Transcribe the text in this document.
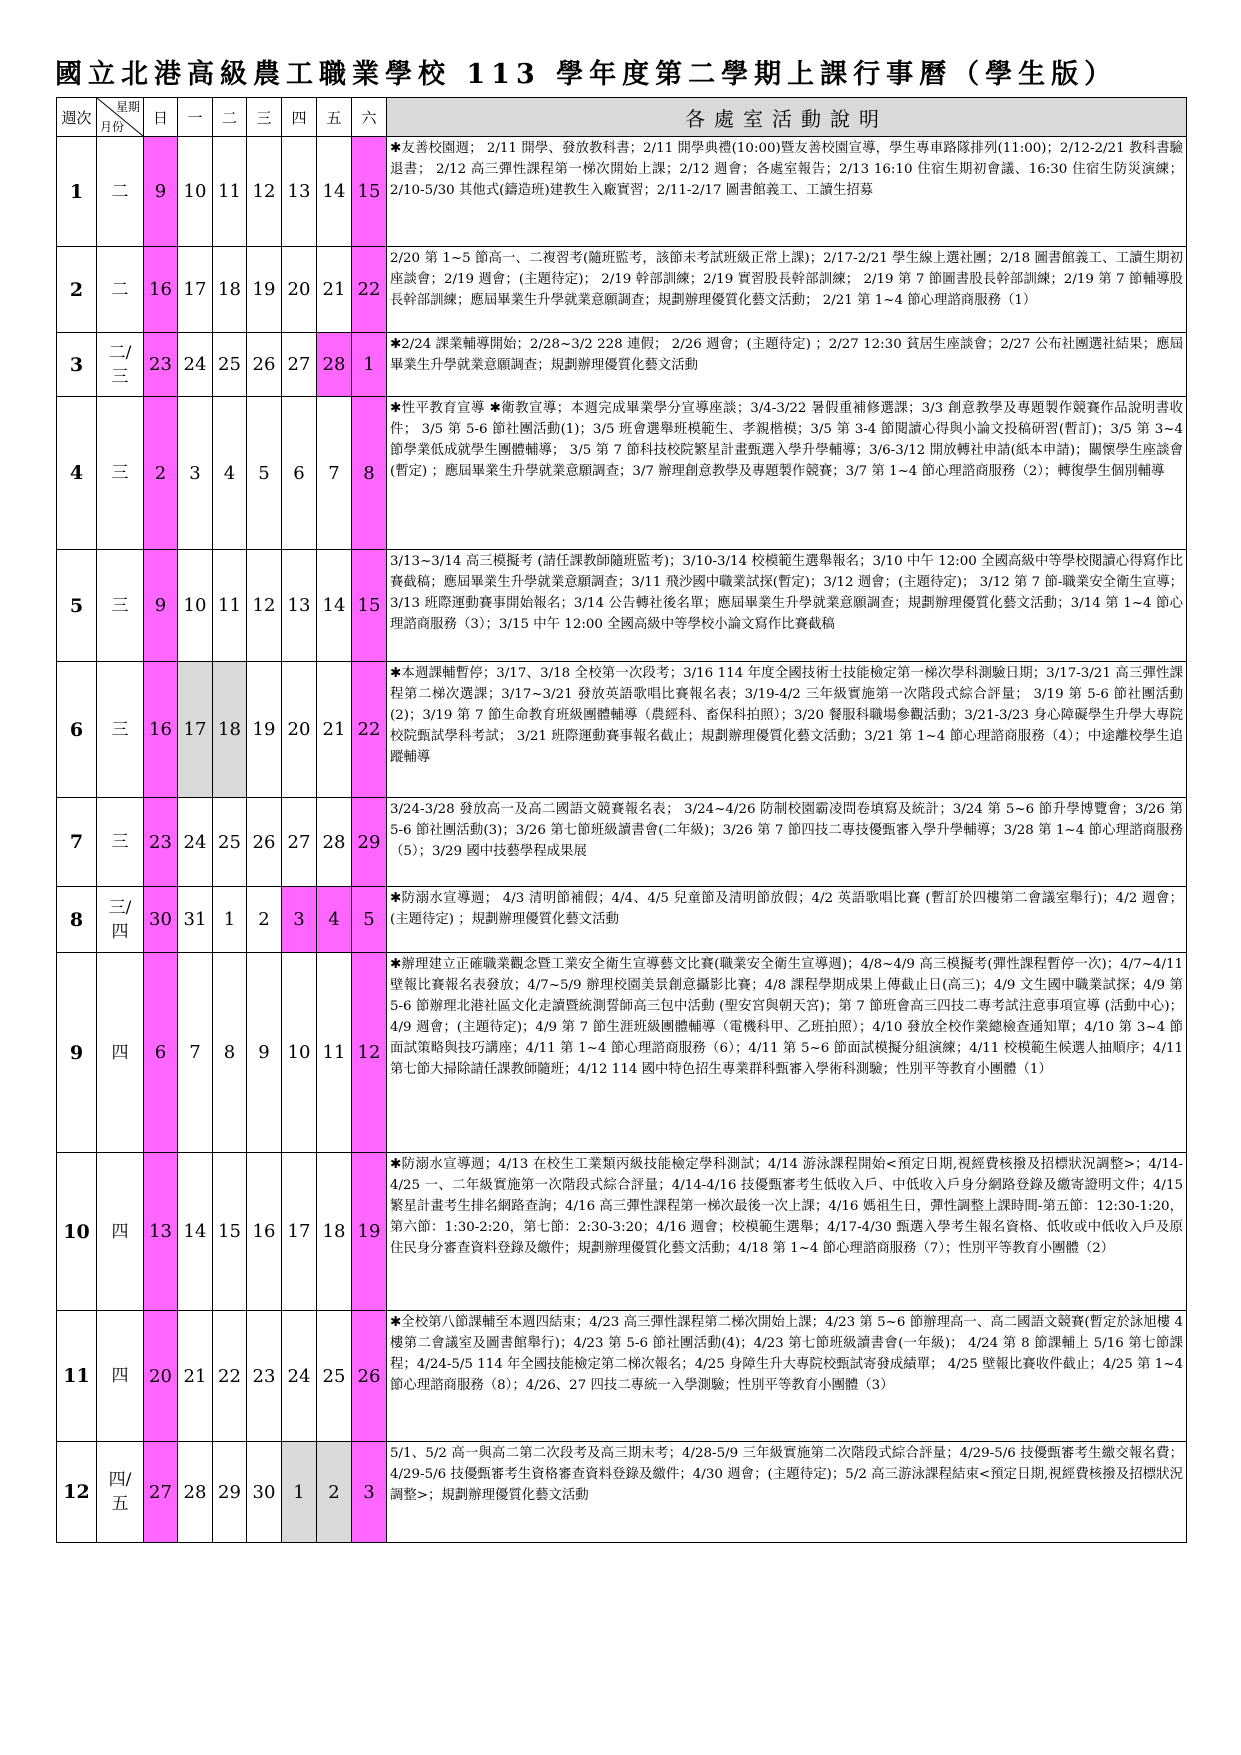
國立北港高級農工職業學校 113 學年度第二學期上課行事曆（學生版）
週次	星期
月份	日	一	二	三	四	五	六	各處室活動說明
1	二	9	10	11	12	13	14	15	✱友善校園週； 2/11 開學、發放教科書；2/11 開學典禮(10:00)暨友善校園宣導，學生專車路隊排列(11:00)；2/12-2/21 教科書驗退書； 2/12 高三彈性課程第一梯次開始上課；2/12 週會；各處室報告；2/13 16:10 住宿生期初會議、16:30 住宿生防災演練；2/10-5/30 其他式(鑄造班)建教生入廠實習；2/11-2/17 圖書館義工、工讀生招募
2	二	16	17	18	19	20	21	22	2/20 第 1~5 節高一、二複習考(隨班監考，該節未考試班級正常上課)；2/17-2/21 學生線上選社團；2/18 圖書館義工、工讀生期初座談會；2/19 週會；(主題待定)； 2/19 幹部訓練；2/19 實習股長幹部訓練； 2/19 第 7 節圖書股長幹部訓練；2/19 第 7 節輔導股長幹部訓練；應屆畢業生升學就業意願調查；規劃辦理優質化藝文活動； 2/21 第 1~4 節心理諮商服務（1）
3	二/
三	23	24	25	26	27	28	1	✱2/24 課業輔導開始；2/28~3/2 228 連假； 2/26 週會；(主題待定) ；2/27 12:30 貧居生座談會；2/27 公布社團選社結果；應屆畢業生升學就業意願調查；規劃辦理優質化藝文活動
4	三	2	3	4	5	6	7	8	✱性平教育宣導 ✱衛教宣導；本週完成畢業學分宣導座談；3/4-3/22 暑假重補修選課；3/3 創意教學及專題製作競賽作品說明書收件； 3/5 第 5-6 節社團活動(1)；3/5 班會選舉班模範生、孝親楷模；3/5 第 3-4 節閱讀心得與小論文投稿研習(暫訂)；3/5 第 3~4 節學業低成就學生團體輔導； 3/5 第 7 節科技校院繁星計畫甄選入學升學輔導；3/6-3/12 開放轉社申請(紙本申請)；關懷學生座談會(暫定) ；應屆畢業生升學就業意願調查；3/7 辦理創意教學及專題製作競賽；3/7 第 1~4 節心理諮商服務（2）；轉復學生個別輔導
5	三	9	10	11	12	13	14	15	3/13~3/14 高三模擬考 (請任課教師隨班監考)；3/10-3/14 校模範生選舉報名；3/10 中午 12:00 全國高級中等學校閱讀心得寫作比賽截稿；應屆畢業生升學就業意願調查；3/11 飛沙國中職業試探(暫定)；3/12 週會；(主題待定)； 3/12 第 7 節-職業安全衛生宣導；3/13 班際運動賽事開始報名；3/14 公告轉社後名單；應屆畢業生升學就業意願調查；規劃辦理優質化藝文活動；3/14 第 1~4 節心理諮商服務（3）；3/15 中午 12:00 全國高級中等學校小論文寫作比賽截稿
6	三	16	17	18	19	20	21	22	✱本週課輔暫停；3/17、3/18 全校第一次段考；3/16 114 年度全國技術士技能檢定第一梯次學科測驗日期；3/17-3/21 高三彈性課程第二梯次選課；3/17~3/21 發放英語歌唱比賽報名表；3/19-4/2 三年級實施第一次階段式綜合評量； 3/19 第 5-6 節社團活動(2)；3/19 第 7 節生命教育班級團體輔導（農經科、畜保科拍照）；3/20 餐服科職場參觀活動；3/21-3/23 身心障礙學生升學大專院校院甄試學科考試； 3/21 班際運動賽事報名截止；規劃辦理優質化藝文活動；3/21 第 1~4 節心理諮商服務（4）；中途離校學生追蹤輔導
7	三	23	24	25	26	27	28	29	3/24-3/28 發放高一及高二國語文競賽報名表； 3/24~4/26 防制校園霸凌問卷填寫及統計；3/24 第 5~6 節升學博覽會；3/26 第 5-6 節社團活動(3)；3/26 第七節班級讀書會(二年級)；3/26 第 7 節四技二專技優甄審入學升學輔導；3/28 第 1~4 節心理諮商服務（5）；3/29 國中技藝學程成果展
8	三/
四	30	31	1	2	3	4	5	✱防溺水宣導週； 4/3 清明節補假；4/4、4/5 兒童節及清明節放假；4/2 英語歌唱比賽 (暫訂於四樓第二會議室舉行)；4/2 週會； (主題待定) ；規劃辦理優質化藝文活動
9	四	6	7	8	9	10	11	12	✱辦理建立正確職業觀念暨工業安全衛生宣導藝文比賽(職業安全衛生宣導週)；4/8~4/9 高三模擬考(彈性課程暫停一次)；4/7~4/11 壁報比賽報名表發放；4/7~5/9 辦理校園美景創意攝影比賽；4/8 課程學期成果上傳截止日(高三)；4/9 文生國中職業試探；4/9 第 5-6 節辦理北港社區文化走讀暨統測誓師高三包中活動 (聖安宮與朝天宮)；第 7 節班會高三四技二專考試注意事項宣導 (活動中心)；4/9 週會；(主題待定)；4/9 第 7 節生涯班級團體輔導（電機科甲、乙班拍照）；4/10 發放全校作業總檢查通知單；4/10 第 3~4 節面試策略與技巧講座；4/11 第 1~4 節心理諮商服務（6）；4/11 第 5~6 節面試模擬分組演練；4/11 校模範生候選人抽順序；4/11 第七節大掃除請任課教師隨班；4/12 114 國中特色招生專業群科甄審入學術科測驗；性別平等教育小團體（1）
10	四	13	14	15	16	17	18	19	✱防溺水宣導週；4/13 在校生工業類丙級技能檢定學科測試；4/14 游泳課程開始<預定日期,視經費核撥及招標狀況調整>；4/14-4/25 一、二年級實施第一次階段式綜合評量；4/14-4/16 技優甄審考生低收入戶、中低收入戶身分網路登錄及繳寄證明文件；4/15 繁星計畫考生排名網路查詢；4/16 高三彈性課程第一梯次最後一次上課；4/16 媽祖生日，彈性調整上課時間-第五節：12:30-1:20，第六節：1:30-2:20，第七節：2:30-3:20；4/16 週會；校模範生選舉；4/17-4/30 甄選入學考生報名資格、低收或中低收入戶及原住民身分審查資料登錄及繳件；規劃辦理優質化藝文活動；4/18 第 1~4 節心理諮商服務（7）；性別平等教育小團體（2）
11	四	20	21	22	23	24	25	26	✱全校第八節課輔至本週四結束；4/23 高三彈性課程第二梯次開始上課；4/23 第 5~6 節辦理高一、高二國語文競賽(暫定於詠旭樓 4 樓第二會議室及圖書館舉行)；4/23 第 5-6 節社團活動(4)；4/23 第七節班級讀書會(一年級)； 4/24 第 8 節課輔上 5/16 第七節課程；4/24-5/5 114 年全國技能檢定第二梯次報名；4/25 身障生升大專院校甄試寄發成績單； 4/25 壁報比賽收件截止；4/25 第 1~4 節心理諮商服務（8）；4/26、27 四技二專統一入學測驗；性別平等教育小團體（3）
12	四/
五	27	28	29	30	1	2	3	5/1、5/2 高一與高二第二次段考及高三期末考；4/28-5/9 三年級實施第二次階段式綜合評量；4/29-5/6 技優甄審考生繳交報名費；4/29-5/6 技優甄審考生資格審查資料登錄及繳件；4/30 週會；(主題待定)；5/2 高三游泳課程結束<預定日期,視經費核撥及招標狀況調整>；規劃辦理優質化藝文活動
